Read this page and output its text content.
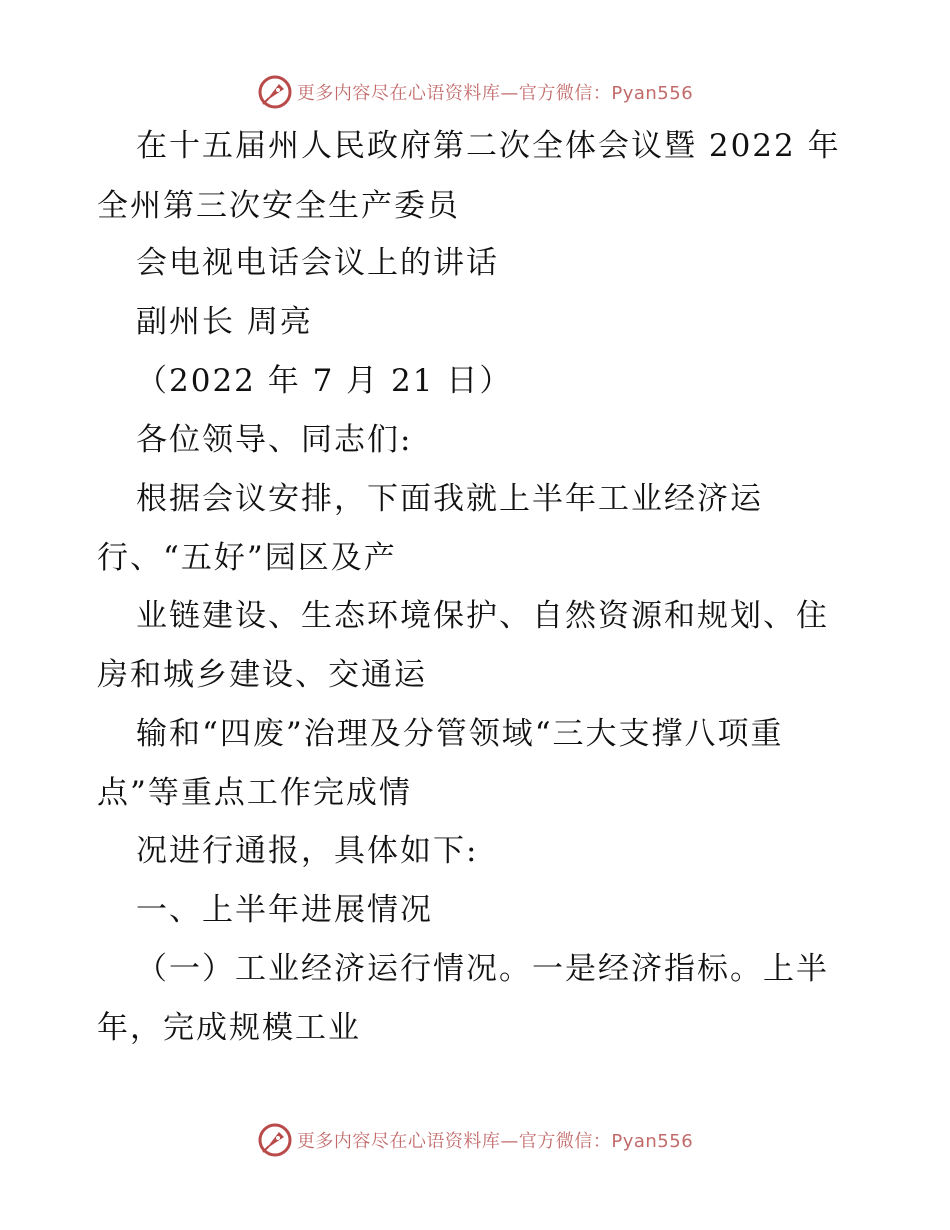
更多内容尽在心语资料库—官方微信：Pyan556
在十五届州人民政府第二次全体会议暨 2022 年
全州第三次安全生产委员
会电视电话会议上的讲话
副州长 周亮
（2022 年 7 月 21 日）
各位领导、同志们:
根据会议安排，下面我就上半年工业经济运
行、“五好”园区及产
业链建设、生态环境保护、自然资源和规划、住
房和城乡建设、交通运
输和“四废”治理及分管领域“三大支撑八项重
点”等重点工作完成情
况进行通报，具体如下:
一、上半年进展情况
（一）工业经济运行情况。一是经济指标。上半
年，完成规模工业
更多内容尽在心语资料库—官方微信：Pyan556
